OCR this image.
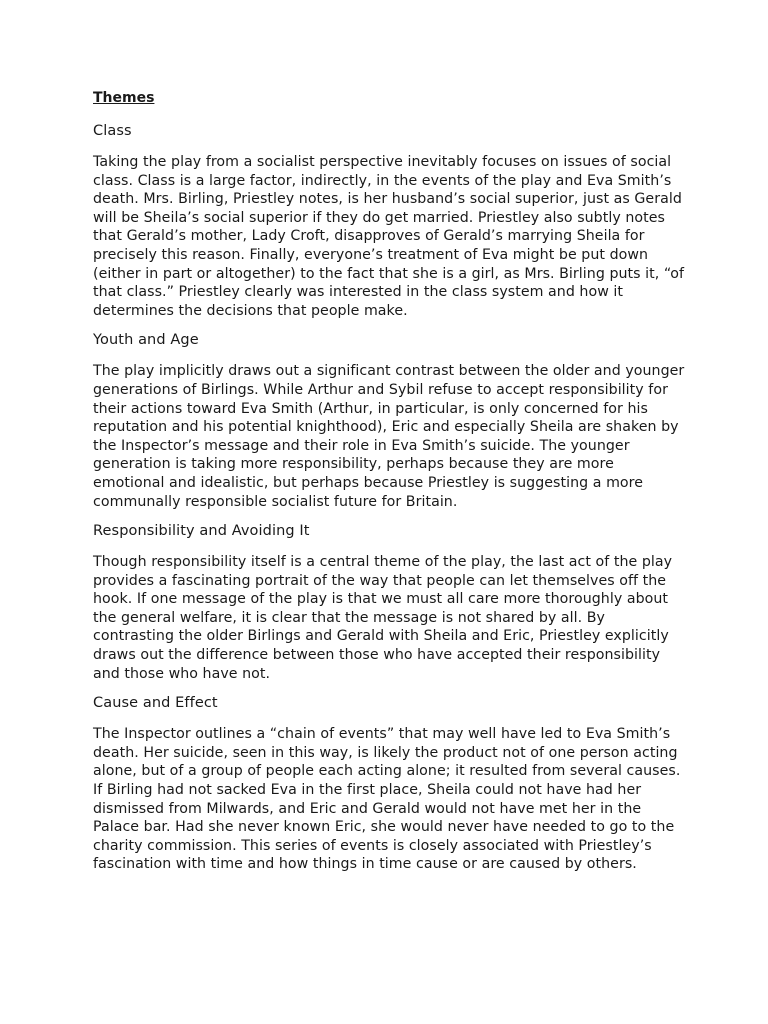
Themes
Class

Taking the play from a socialist perspective inevitably focuses on issues of social class. Class is a large factor, indirectly, in the events of the play and Eva Smith’s death. Mrs. Birling, Priestley notes, is her husband’s social superior, just as Gerald will be Sheila’s social superior if they do get married. Priestley also subtly notes that Gerald’s mother, Lady Croft, disapproves of Gerald’s marrying Sheila for precisely this reason. Finally, everyone’s treatment of Eva might be put down (either in part or altogether) to the fact that she is a girl, as Mrs. Birling puts it, “of that class.” Priestley clearly was interested in the class system and how it determines the decisions that people make.

Youth and Age

The play implicitly draws out a significant contrast between the older and younger generations of Birlings. While Arthur and Sybil refuse to accept responsibility for their actions toward Eva Smith (Arthur, in particular, is only concerned for his reputation and his potential knighthood), Eric and especially Sheila are shaken by the Inspector’s message and their role in Eva Smith’s suicide. The younger generation is taking more responsibility, perhaps because they are more emotional and idealistic, but perhaps because Priestley is suggesting a more communally responsible socialist future for Britain.

Responsibility and Avoiding It

Though responsibility itself is a central theme of the play, the last act of the play provides a fascinating portrait of the way that people can let themselves off the hook. If one message of the play is that we must all care more thoroughly about the general welfare, it is clear that the message is not shared by all. By contrasting the older Birlings and Gerald with Sheila and Eric, Priestley explicitly draws out the difference between those who have accepted their responsibility and those who have not.

Cause and Effect

The Inspector outlines a “chain of events” that may well have led to Eva Smith’s death. Her suicide, seen in this way, is likely the product not of one person acting alone, but of a group of people each acting alone; it resulted from several causes. If Birling had not sacked Eva in the first place, Sheila could not have had her dismissed from Milwards, and Eric and Gerald would not have met her in the Palace bar. Had she never known Eric, she would never have needed to go to the charity commission. This series of events is closely associated with Priestley’s fascination with time and how things in time cause or are caused by others.
